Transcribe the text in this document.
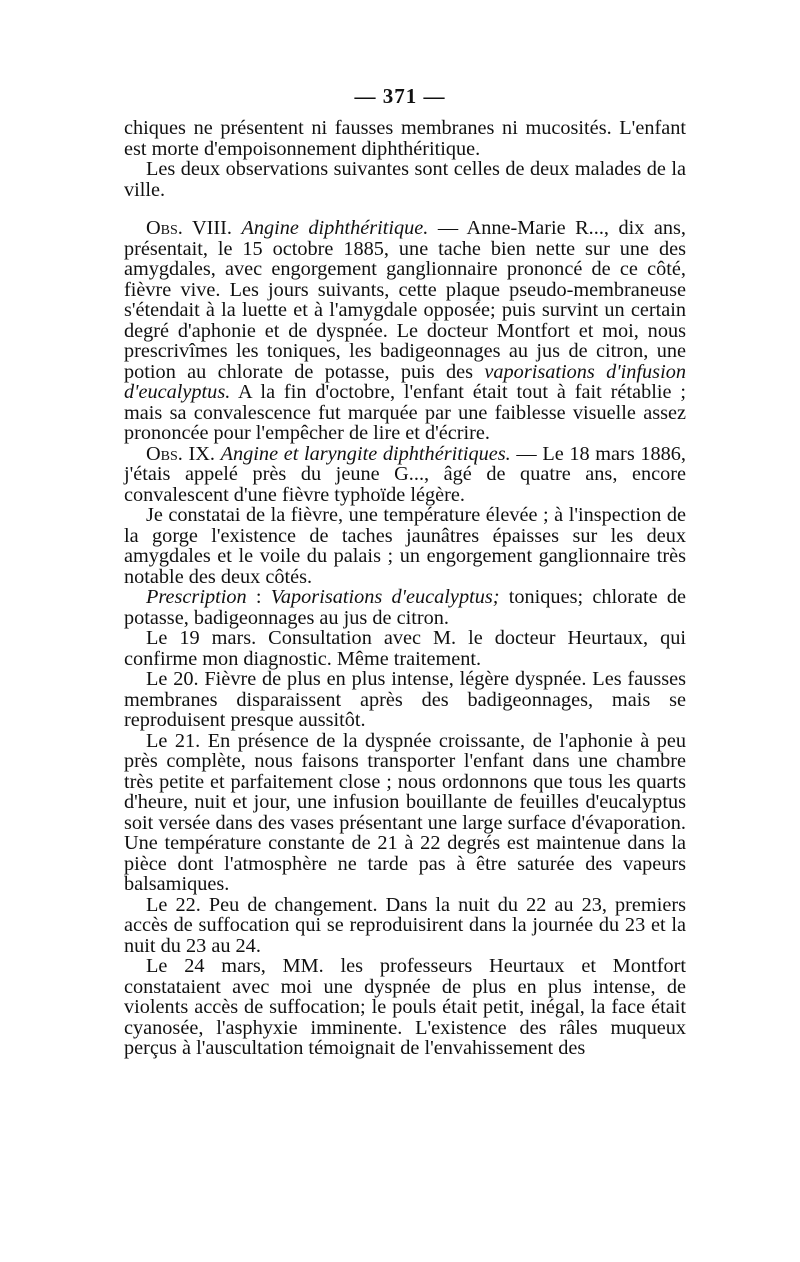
— 371 —

chiques ne présentent ni fausses membranes ni mucosités. L'enfant est morte d'empoisonnement diphthéritique.

Les deux observations suivantes sont celles de deux malades de la ville.

Obs. VIII. Angine diphthéritique. — Anne-Marie R..., dix ans, présentait, le 15 octobre 1885, une tache bien nette sur une des amygdales, avec engorgement ganglionnaire prononcé de ce côté, fièvre vive. Les jours suivants, cette plaque pseudo-membraneuse s'étendait à la luette et à l'amygdale opposée; puis survint un certain degré d'aphonie et de dyspnée. Le docteur Montfort et moi, nous prescrivîmes les toniques, les badigeonnages au jus de citron, une potion au chlorate de potasse, puis des vaporisations d'infusion d'eucalyptus. A la fin d'octobre, l'enfant était tout à fait rétablie ; mais sa convalescence fut marquée par une faiblesse visuelle assez prononcée pour l'empêcher de lire et d'écrire.

Obs. IX. Angine et laryngite diphthéritiques. — Le 18 mars 1886, j'étais appelé près du jeune G..., âgé de quatre ans, encore convalescent d'une fièvre typhoïde légère.

Je constatai de la fièvre, une température élevée ; à l'inspection de la gorge l'existence de taches jaunâtres épaisses sur les deux amygdales et le voile du palais ; un engorgement ganglionnaire très notable des deux côtés.

Prescription : Vaporisations d'eucalyptus; toniques; chlorate de potasse, badigeonnages au jus de citron.

Le 19 mars. Consultation avec M. le docteur Heurtaux, qui confirme mon diagnostic. Même traitement.

Le 20. Fièvre de plus en plus intense, légère dyspnée. Les fausses membranes disparaissent après des badigeonnages, mais se reproduisent presque aussitôt.

Le 21. En présence de la dyspnée croissante, de l'aphonie à peu près complète, nous faisons transporter l'enfant dans une chambre très petite et parfaitement close ; nous ordonnons que tous les quarts d'heure, nuit et jour, une infusion bouillante de feuilles d'eucalyptus soit versée dans des vases présentant une large surface d'évaporation. Une température constante de 21 à 22 degrés est maintenue dans la pièce dont l'atmosphère ne tarde pas à être saturée des vapeurs balsamiques.

Le 22. Peu de changement. Dans la nuit du 22 au 23, premiers accès de suffocation qui se reproduisirent dans la journée du 23 et la nuit du 23 au 24.

Le 24 mars, MM. les professeurs Heurtaux et Montfort constataient avec moi une dyspnée de plus en plus intense, de violents accès de suffocation; le pouls était petit, inégal, la face était cyanosée, l'asphyxie imminente. L'existence des râles muqueux perçus à l'auscultation témoignait de l'envahissement des
